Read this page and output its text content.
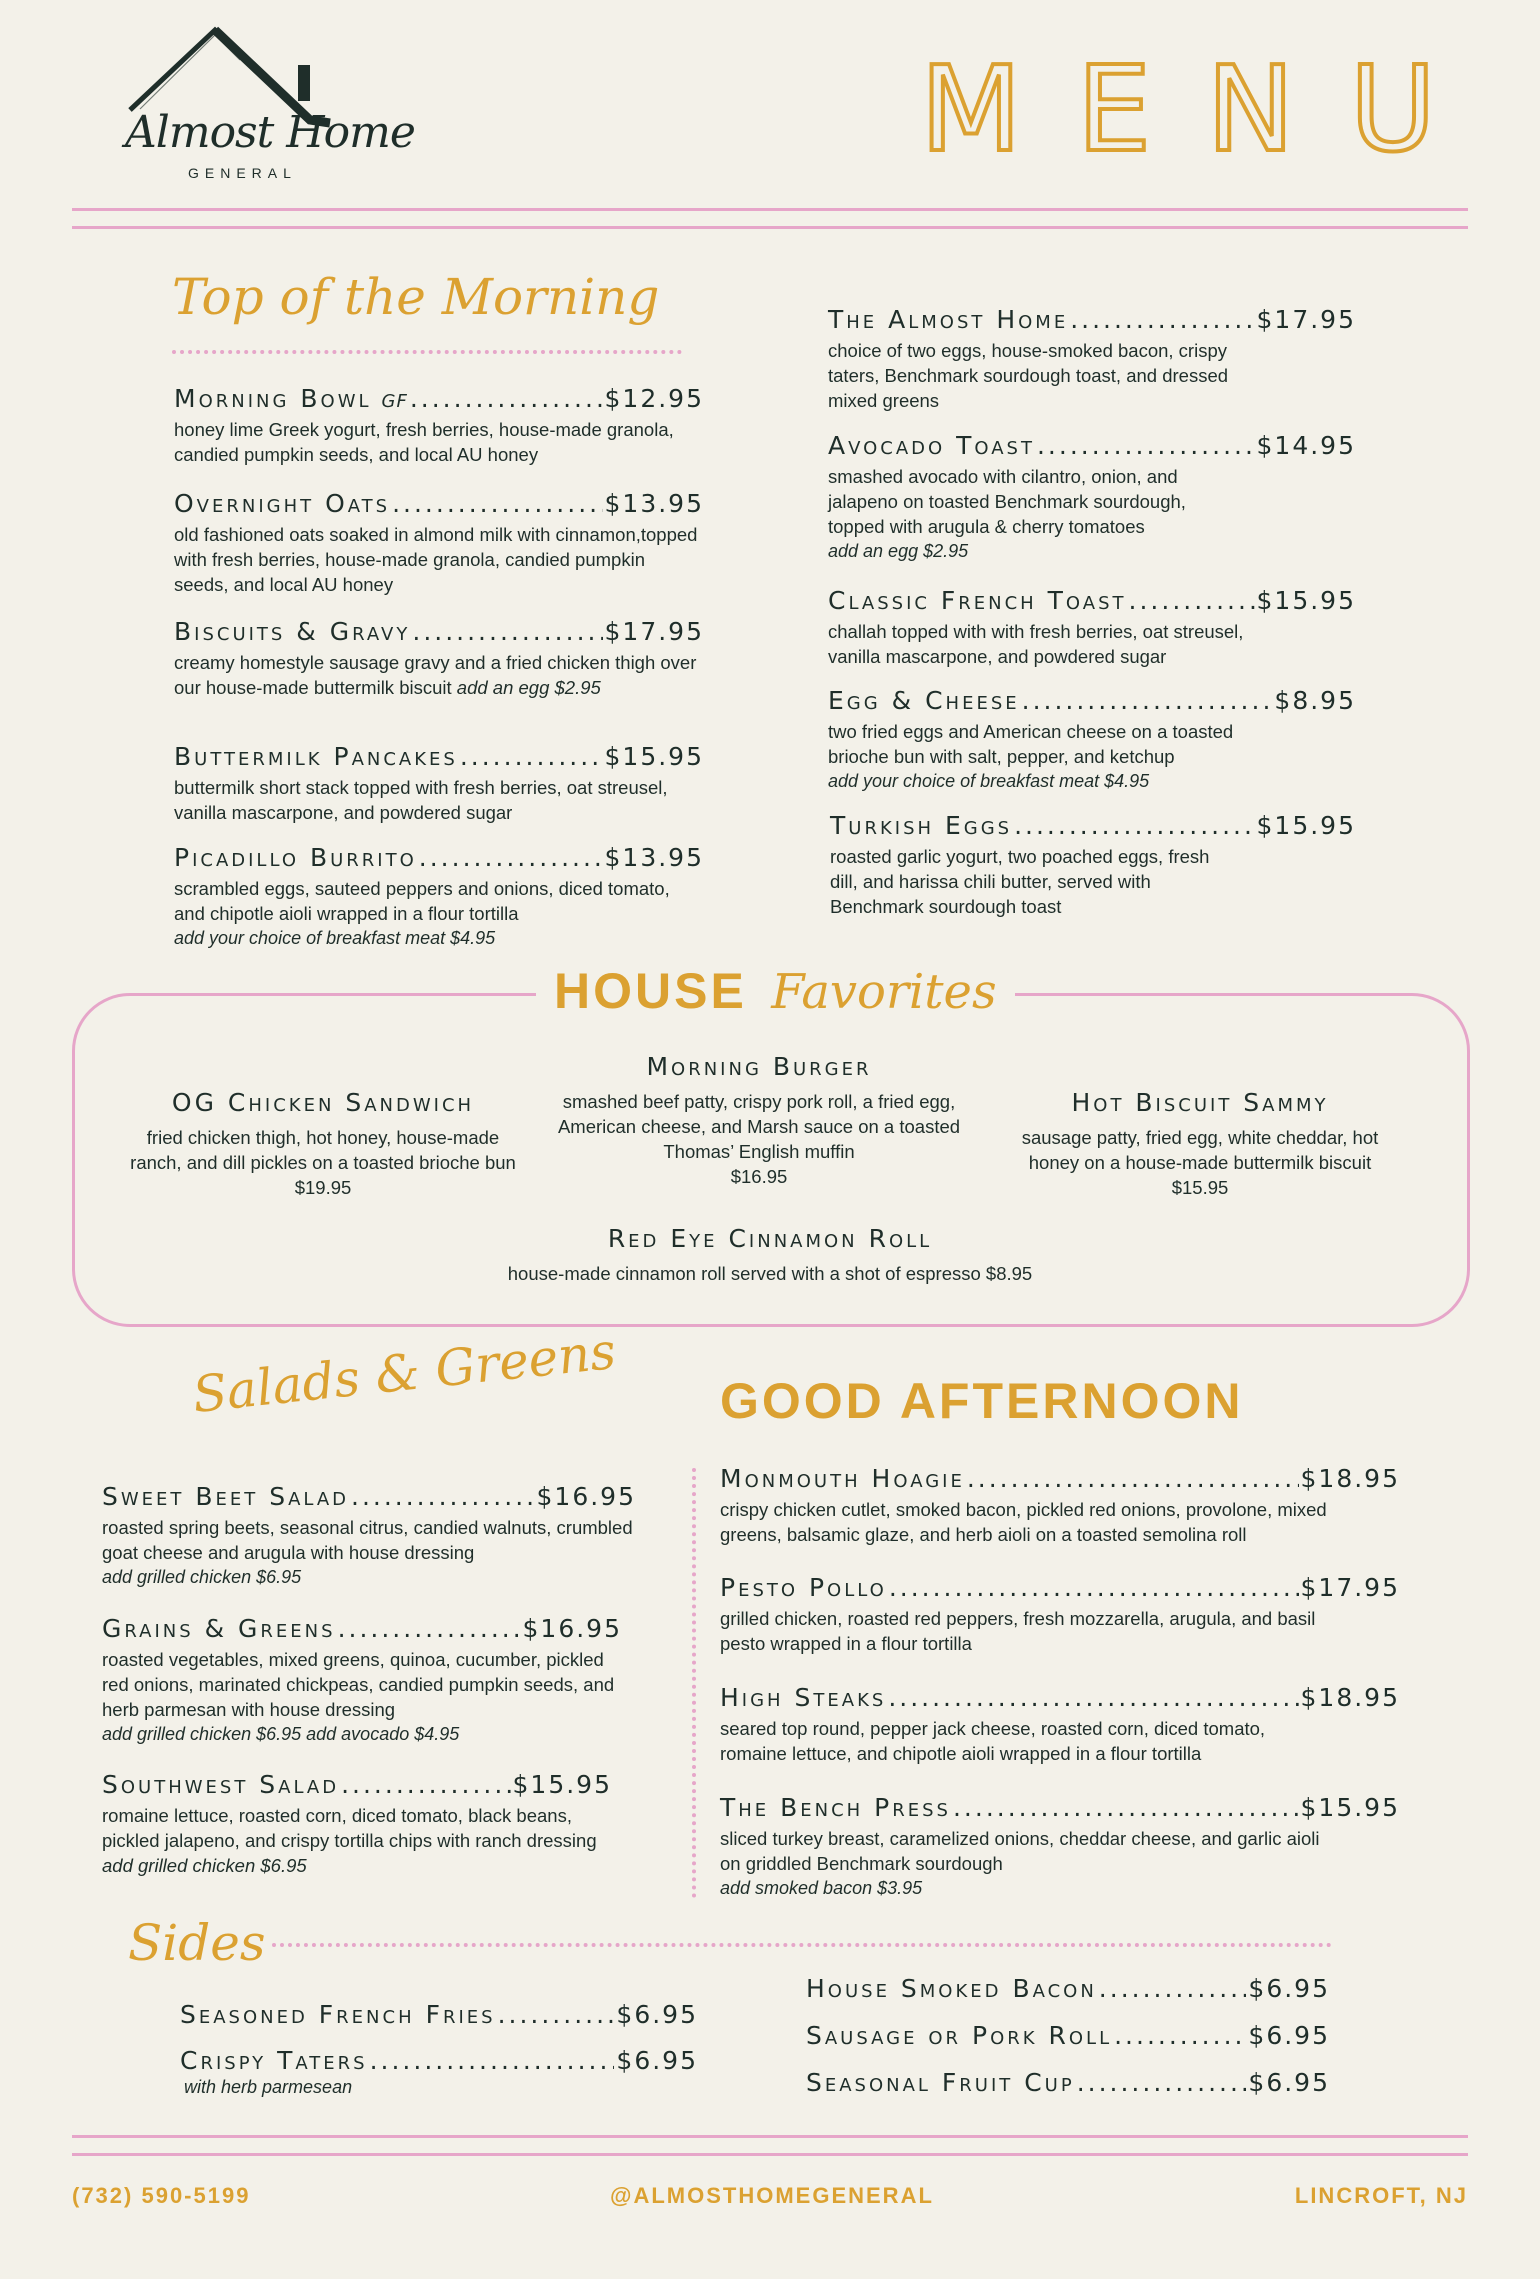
Almost Home
GENERAL	MENU
Top of the Morning
Morning Bowl GF .....	$12.95
honey lime Greek yogurt, fresh berries, house-made granola, candied pumpkin seeds, and local AU honey
Overnight Oats .....	$13.95
old fashioned oats soaked in almond milk with cinnamon,topped with fresh berries, house-made granola, candied pumpkin seeds, and local AU honey
Biscuits & Gravy .....	$17.95
creamy homestyle sausage gravy and a fried chicken thigh over our house-made buttermilk biscuit add an egg $2.95
Buttermilk Pancakes .....	$15.95
buttermilk short stack topped with fresh berries, oat streusel, vanilla mascarpone, and powdered sugar
Picadillo Burrito .....	$13.95
scrambled eggs, sauteed peppers and onions, diced tomato, and chipotle aioli wrapped in a flour tortilla
add your choice of breakfast meat $4.95
The Almost Home .....	$17.95
choice of two eggs, house-smoked bacon, crispy taters, Benchmark sourdough toast, and dressed mixed greens
Avocado Toast .....	$14.95
smashed avocado with cilantro, onion, and jalapeno on toasted Benchmark sourdough, topped with arugula & cherry tomatoes
add an egg $2.95
Classic French Toast .....	$15.95
challah topped with with fresh berries, oat streusel, vanilla mascarpone, and powdered sugar
Egg & Cheese .....	$8.95
two fried eggs and American cheese on a toasted brioche bun with salt, pepper, and ketchup
add your choice of breakfast meat $4.95
Turkish Eggs .....	$15.95
roasted garlic yogurt, two poached eggs, fresh dill, and harissa chili butter, served with Benchmark sourdough toast
HOUSE Favorites
OG Chicken Sandwich
fried chicken thigh, hot honey, house-made ranch, and dill pickles on a toasted brioche bun $19.95
Morning Burger
smashed beef patty, crispy pork roll, a fried egg, American cheese, and Marsh sauce on a toasted Thomas’ English muffin
$16.95
Hot Biscuit Sammy
sausage patty, fried egg, white cheddar, hot honey on a house-made buttermilk biscuit
$15.95
Red Eye Cinnamon Roll
house-made cinnamon roll served with a shot of espresso $8.95
Salads & Greens
Sweet Beet Salad .....	$16.95
roasted spring beets, seasonal citrus, candied walnuts, crumbled goat cheese and arugula with house dressing
add grilled chicken $6.95
Grains & Greens .....	$16.95
roasted vegetables, mixed greens, quinoa, cucumber, pickled red onions, marinated chickpeas, candied pumpkin seeds, and herb parmesan with house dressing
add grilled chicken $6.95 add avocado $4.95
Southwest Salad .....	$15.95
romaine lettuce, roasted corn, diced tomato, black beans, pickled jalapeno, and crispy tortilla chips with ranch dressing add grilled chicken $6.95
GOOD AFTERNOON
Monmouth Hoagie .....	$18.95
crispy chicken cutlet, smoked bacon, pickled red onions, provolone, mixed greens, balsamic glaze, and herb aioli on a toasted semolina roll
Pesto Pollo .....	$17.95
grilled chicken, roasted red peppers, fresh mozzarella, arugula, and basil pesto wrapped in a flour tortilla
High Steaks .....	$18.95
seared top round, pepper jack cheese, roasted corn, diced tomato, romaine lettuce, and chipotle aioli wrapped in a flour tortilla
The Bench Press .....	$15.95
sliced turkey breast, caramelized onions, cheddar cheese, and garlic aioli on griddled Benchmark sourdough
add smoked bacon $3.95
Sides
Seasoned French Fries .....	$6.95
Crispy Taters .....	$6.95
with herb parmesean
House Smoked Bacon .....	$6.95
Sausage or Pork Roll .....	$6.95
Seasonal Fruit Cup .....	$6.95
(732) 590-5199	@ALMOSTHOMEGENERAL	LINCROFT, NJ
